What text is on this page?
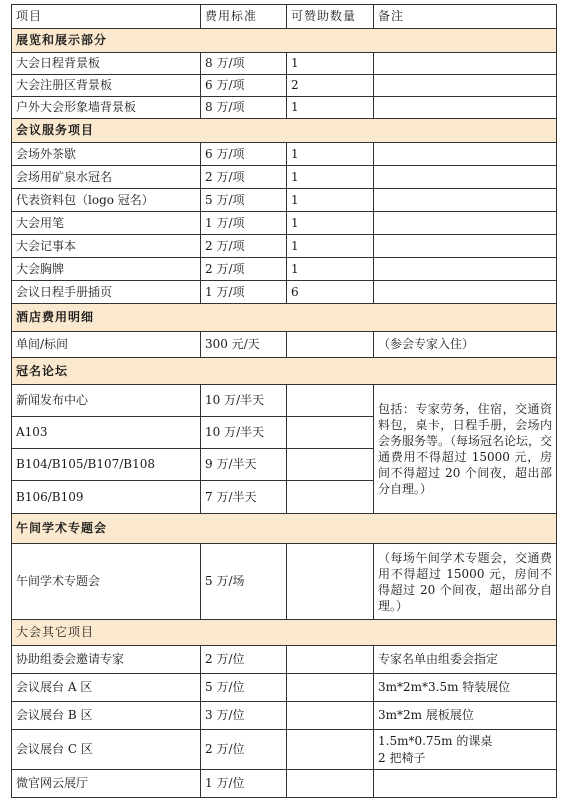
项目	费用标准	可赞助数量	备注
展览和展示部分			
大会日程背景板	8 万/项	1	
大会注册区背景板	6 万/项	2	
户外大会形象墙背景板	8 万/项	1	
会议服务项目			
会场外茶歇	6 万/项	1	
会场用矿泉水冠名	2 万/项	1	
代表资料包（logo 冠名）	5 万/项	1	
大会用笔	1 万/项	1	
大会记事本	2 万/项	1	
大会胸牌	2 万/项	1	
会议日程手册插页	1 万/项	6	
酒店费用明细			
单间/标间	300 元/天		（参会专家入住）
冠名论坛			
新闻发布中心	10 万/半天		包括：专家劳务，住宿，交通资料包，桌卡，日程手册，会场内会务服务等。（每场冠名论坛，交通费用不得超过 15000 元，房间不得超过 20 个间夜，超出部分自理。）
A103	10 万/半天		
B104/B105/B107/B108	9 万/半天		
B106/B109	7 万/半天		
午间学术专题会			
午间学术专题会	5 万/场		（每场午间学术专题会，交通费用不得超过 15000 元，房间不得超过 20 个间夜，超出部分自理。）
大会其它项目			
协助组委会邀请专家	2 万/位		专家名单由组委会指定
会议展台 A 区	5 万/位		3m*2m*3.5m 特装展位
会议展台 B 区	3 万/位		3m*2m 展板展位
会议展台 C 区	2 万/位		1.5m*0.75m 的课桌
2 把椅子

微官网云展厅	1 万/位		
